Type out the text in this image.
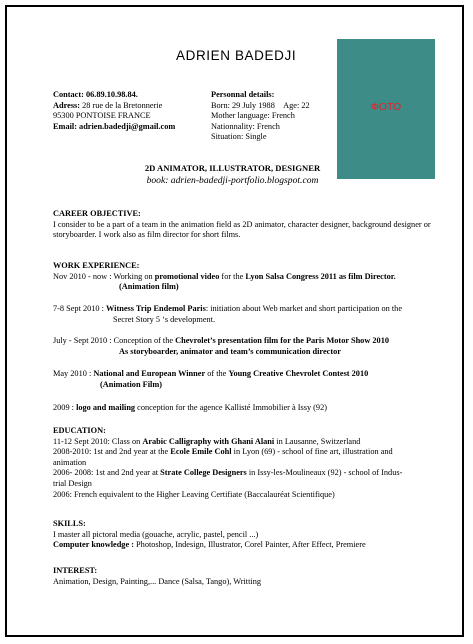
ADRIEN BADEDJI
ФОТО
Contact: 06.89.10.98.84.
Adress: 28 rue de la Bretonnerie
95300 PONTOISE FRANCE
Email: adrien.badedji@gmail.com
Personnal details:
Born: 29 July 1988 Age: 22
Mother language: French
Nationnality: French
Situation: Single
2D ANIMATOR, ILLUSTRATOR, DESIGNER
book: adrien-badedji-portfolio.blogspot.com
CAREER OBJECTIVE:
I consider to be a part of a team in the animation field as 2D animator, character designer, background designer or storyboarder. I work also as film director for short films.
WORK EXPERIENCE:
Nov 2010 - now : Working on promotional video for the Lyon Salsa Congress 2011 as film Director.
(Animation film)
7-8 Sept 2010 : Witness Trip Endemol Paris: initiation about Web market and short participation on the
Secret Story 5 ‘s development.
July - Sept 2010 : Conception of the Chevrolet’s presentation film for the Paris Motor Show 2010
As storyboarder, animator and team’s communication director
May 2010 : National and European Winner of the Young Creative Chevrolet Contest 2010
(Animation Film)
2009 : logo and mailing conception for the agence Kallisté Immobilier à Issy (92)
EDUCATION:
11-12 Sept 2010: Class on Arabic Calligraphy with Ghani Alani in Lausanne, Switzerland
2008-2010: 1st and 2nd year at the Ecole Emile Cohl in Lyon (69) - school of fine art, illustration and
animation
2006- 2008: 1st and 2nd year at Strate College Designers in Issy-les-Moulineaux (92) - school of Indus-
trial Design
2006: French equivalent to the Higher Leaving Certifiate (Baccalauréat Scientifique)
SKILLS:
I master all pictoral media (gouache, acrylic, pastel, pencil ...)
Computer knowledge : Photoshop, Indesign, Illustrator, Corel Painter, After Effect, Premiere
INTEREST:
Animation, Design, Painting,... Dance (Salsa, Tango), Writting
